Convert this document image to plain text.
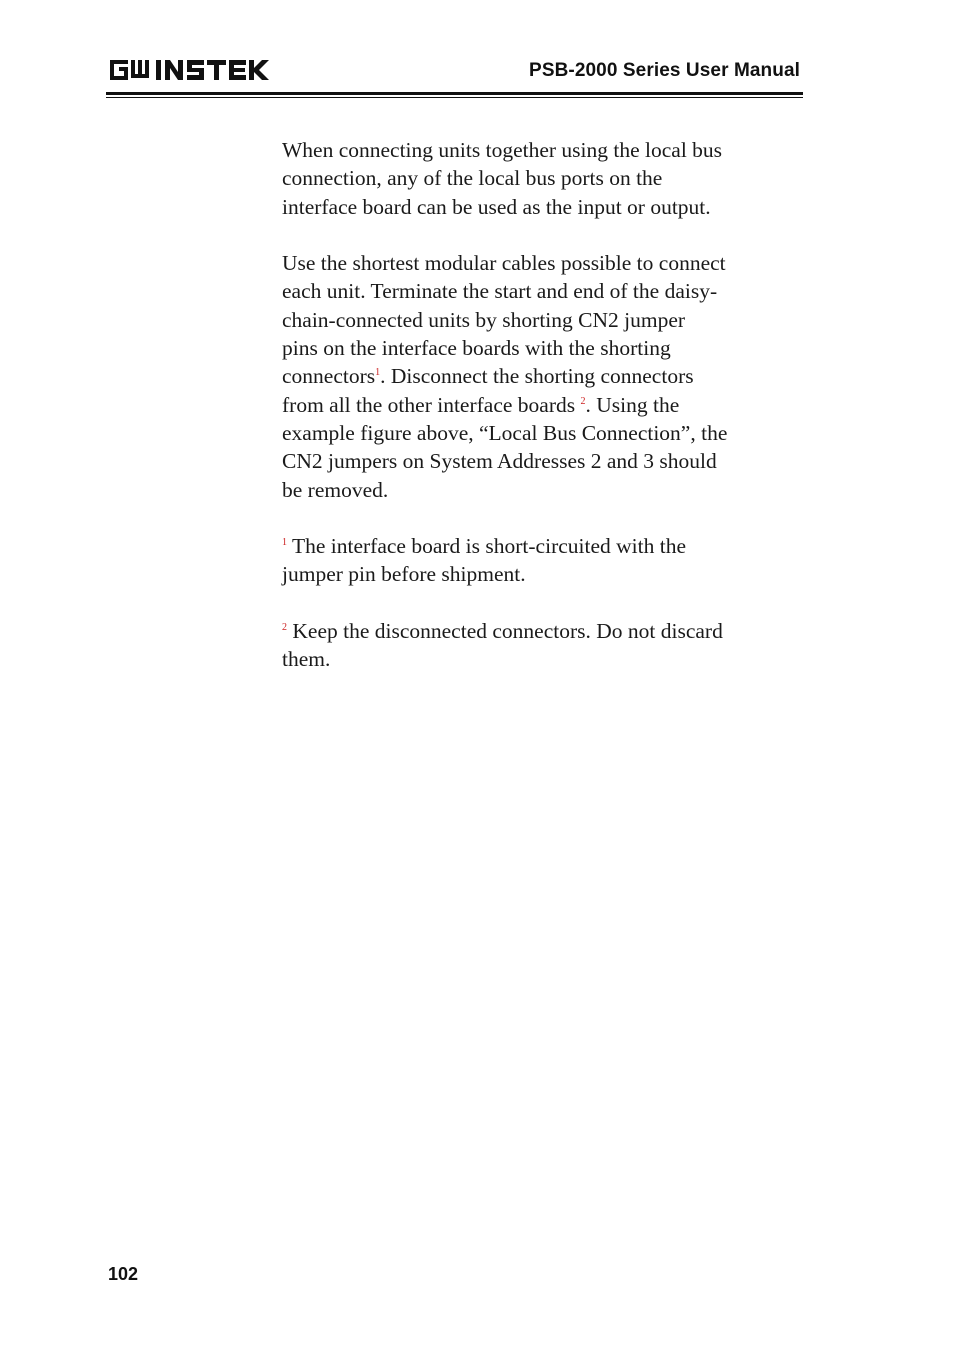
PSB-2000 Series User Manual

When connecting units together using the local bus
connection, any of the local bus ports on the
interface board can be used as the input or output.

Use the shortest modular cables possible to connect
each unit. Terminate the start and end of the daisy-
chain-connected units by shorting CN2 jumper
pins on the interface boards with the shorting
connectors$^1$. Disconnect the shorting connectors
from all the other interface boards $^2$. Using the
example figure above, “Local Bus Connection”, the
CN2 jumpers on System Addresses 2 and 3 should
be removed.

$^1$ The interface board is short-circuited with the
jumper pin before shipment.

$^2$ Keep the disconnected connectors. Do not discard
them.

102
